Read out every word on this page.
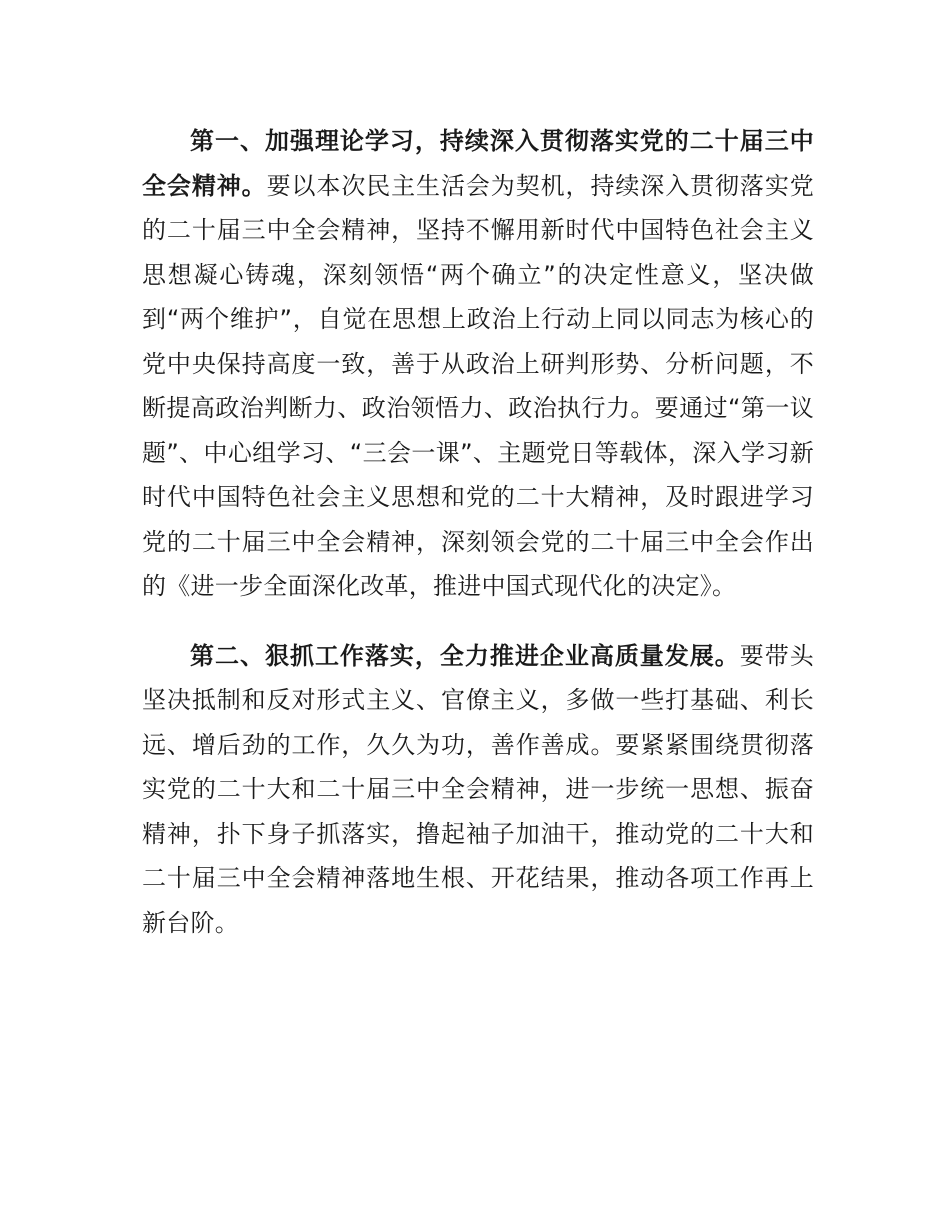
第一、加强理论学习，持续深入贯彻落实党的二十届三中全会精神。要以本次民主生活会为契机，持续深入贯彻落实党的二十届三中全会精神，坚持不懈用新时代中国特色社会主义思想凝心铸魂，深刻领悟“两个确立”的决定性意义，坚决做到“两个维护”，自觉在思想上政治上行动上同以同志为核心的党中央保持高度一致，善于从政治上研判形势、分析问题，不断提高政治判断力、政治领悟力、政治执行力。要通过“第一议题”、中心组学习、“三会一课”、主题党日等载体，深入学习新时代中国特色社会主义思想和党的二十大精神，及时跟进学习党的二十届三中全会精神，深刻领会党的二十届三中全会作出的《进一步全面深化改革，推进中国式现代化的决定》。

第二、狠抓工作落实，全力推进企业高质量发展。要带头坚决抵制和反对形式主义、官僚主义，多做一些打基础、利长远、增后劲的工作，久久为功，善作善成。要紧紧围绕贯彻落实党的二十大和二十届三中全会精神，进一步统一思想、振奋精神，扑下身子抓落实，撸起袖子加油干，推动党的二十大和二十届三中全会精神落地生根、开花结果，推动各项工作再上新台阶。
